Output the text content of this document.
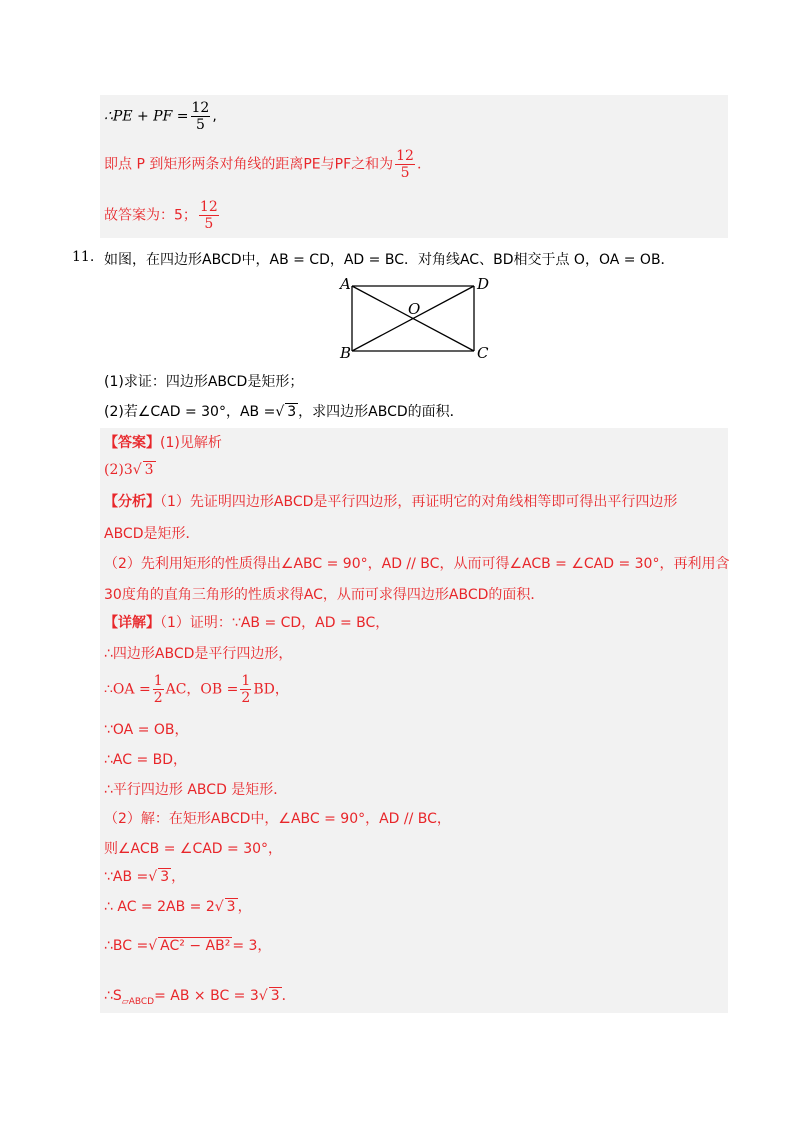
∴PE + PF = $\frac{12}{5}$ ,
即点 P 到矩形两条对角线的距离PE与PF之和为 $\frac{12}{5}$ .
故答案为：5； $\frac{12}{5}$
11. 如图，在四边形ABCD中，AB = CD，AD = BC．对角线AC、BD相交于点 O，OA = OB．
A	D
O
B	C
(1)求证：四边形ABCD是矩形；
(2)若∠CAD = 30°，AB =√ 3 ，求四边形ABCD的面积．
【答案】(1)见解析
(2)3√ 3
【分析】（1）先证明四边形ABCD是平行四边形，再证明它的对角线相等即可得出平行四边形
ABCD是矩形．
（2）先利用矩形的性质得出∠ABC = 90°，AD // BC，从而可得∠ACB = ∠CAD = 30°，再利用含
30度角的直角三角形的性质求得AC，从而可求得四边形ABCD的面积．
【详解】（1）证明：∵AB = CD，AD = BC，
∴四边形ABCD是平行四边形，
∴OA = $\frac{1}{2}$ AC，OB = $\frac{1}{2}$ BD，
∵OA = OB，
∴AC = BD，
∴平行四边形 ABCD 是矩形．
（2）解：在矩形ABCD中，∠ABC = 90°，AD // BC，
则∠ACB = ∠CAD = 30°，
∵AB =√ 3 ，
∴ AC = 2AB = 2√ 3 ，
∴BC =√ AC² − AB² = 3，
$\therefore S_{▱ABCD}=$ AB × BC = 3√ 3 ．
